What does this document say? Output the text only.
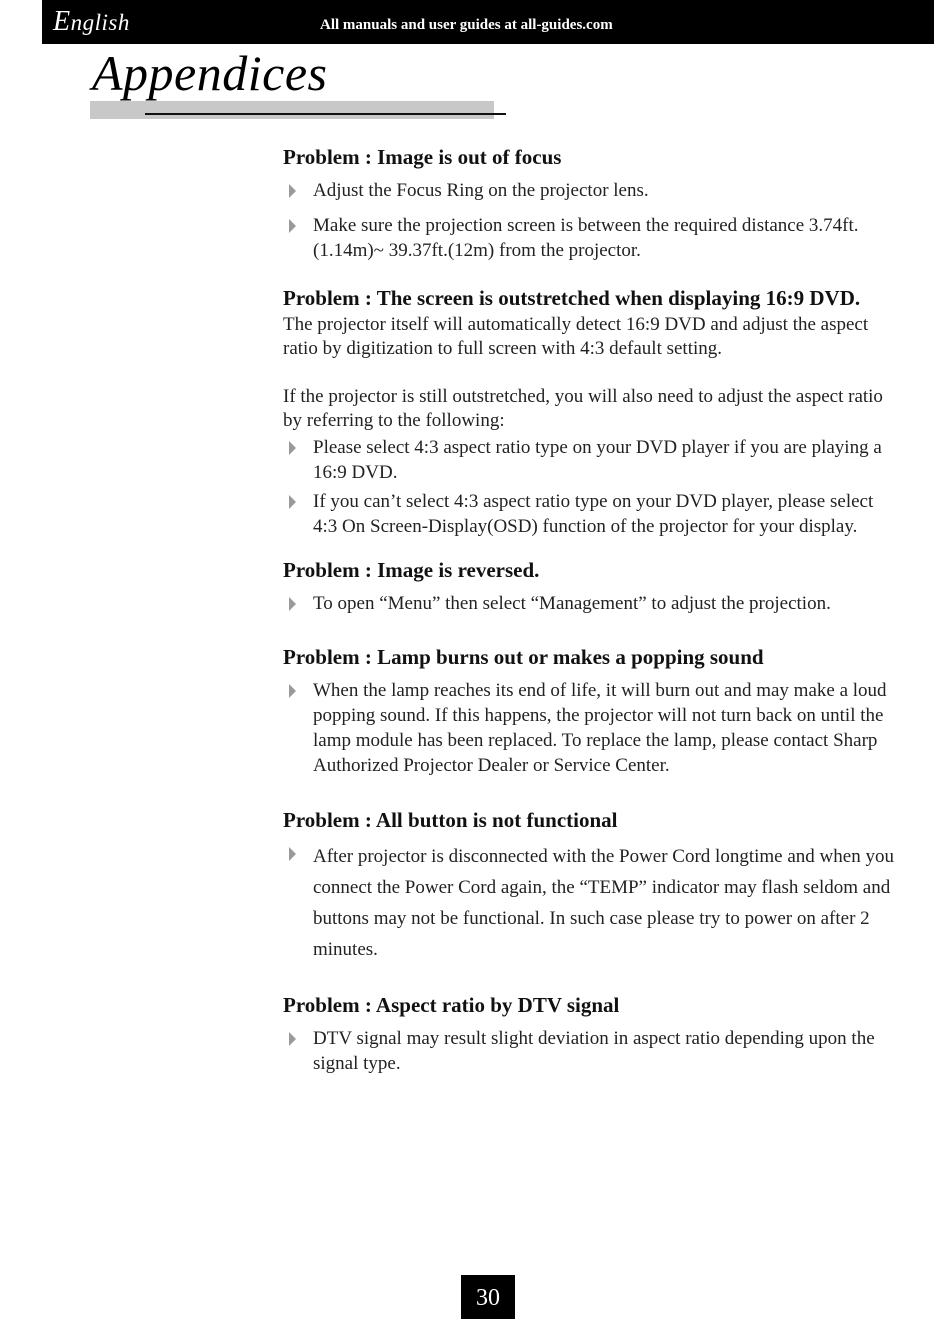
English	All manuals and user guides at all-guides.com
Appendices
Problem : Image is out of focus
Adjust the Focus Ring on the projector lens.
Make sure the projection screen is between the required distance 3.74ft.(1.14m)~ 39.37ft.(12m) from the projector.
Problem : The screen is outstretched when displaying 16:9 DVD.

The projector itself will automatically detect 16:9 DVD and adjust the aspect ratio by digitization to full screen with 4:3 default setting.

If the projector is still outstretched, you will also need to adjust the aspect ratio by referring to the following:

Please select 4:3 aspect ratio type on your DVD player if you are playing a 16:9 DVD.
If you can’t select 4:3 aspect ratio type on your DVD player, please select 4:3 On Screen-Display(OSD) function of the projector for your display.
Problem : Image is reversed.
To open “Menu” then select “Management” to adjust the projection.
Problem : Lamp burns out or makes a popping sound
When the lamp reaches its end of life, it will burn out and may make a loud popping sound. If this happens, the projector will not turn back on until the lamp module has been replaced. To replace the lamp, please contact Sharp Authorized Projector Dealer or Service Center.
Problem : All button is not functional
After projector is disconnected with the Power Cord longtime and when you connect the Power Cord again, the “TEMP” indicator may flash seldom and buttons may not be functional. In such case please try to power on after 2 minutes.
Problem : Aspect ratio by DTV signal
DTV signal may result slight deviation in aspect ratio depending upon the signal type.
30
